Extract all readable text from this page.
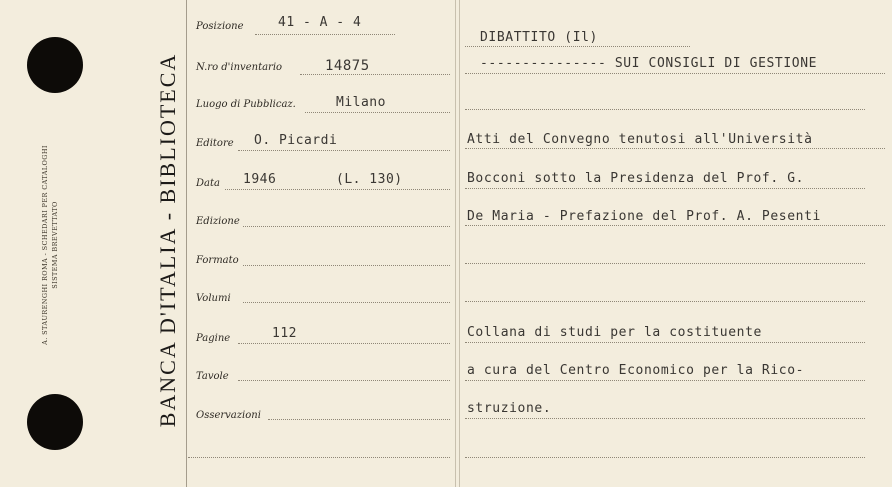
A. STAURENGHI ROMA - SCHEDARI PER CATALOGHI SISTEMA BREVETTATO	BANCA D'ITALIA - BIBLIOTECA
Posizione	41 - A - 4
N.ro d'inventario	14875
Luogo di Pubblicaz.	Milano
Editore O. Picardi
Data 1946	(L. 130)
Edizione
Formato
Volumi
Pagine	112
Tavole
Osservazioni
DIBATTITO (Il)
--------------- SUI CONSIGLI DI GESTIONE
Atti del Convegno tenutosi all'Università
Bocconi sotto la Presidenza del Prof. G.
De Maria - Prefazione del Prof. A. Pesenti
Collana di studi per la costituente
a cura del Centro Economico per la Rico-
struzione.
